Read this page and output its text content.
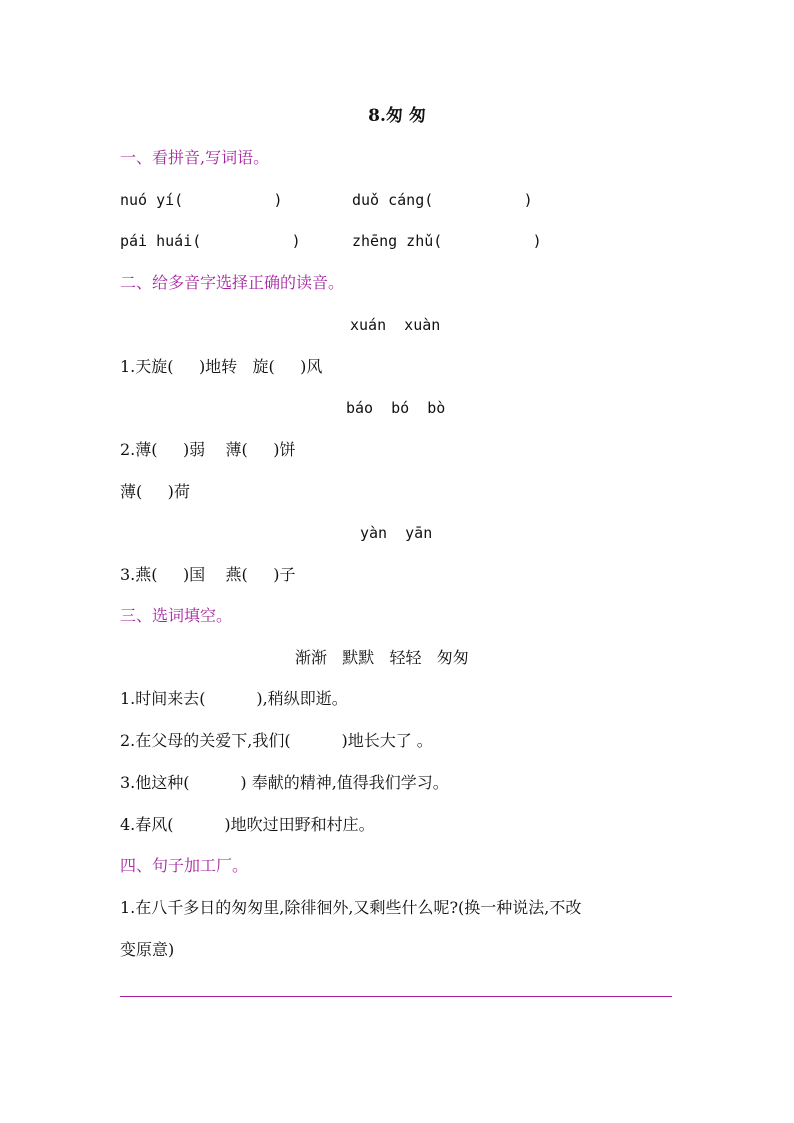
8.匆 匆
一、看拼音,写词语。
nuó yí(          )	duǒ cáng(          )
pái huái(          )	zhēng zhǔ(          )
二、给多音字选择正确的读音。
xuán  xuàn
1.天旋(     )地转   旋(     )风
báo  bó  bò
2.薄(     )弱    薄(     )饼
薄(     )荷
yàn  yān
3.燕(     )国    燕(     )子
三、选词填空。
渐渐   默默   轻轻   匆匆
1.时间来去(          ),稍纵即逝。
2.在父母的关爱下,我们(          )地长大了 。
3.他这种(          ) 奉献的精神,值得我们学习。
4.春风(          )地吹过田野和村庄。
四、句子加工厂。
1.在八千多日的匆匆里,除徘徊外,又剩些什么呢?(换一种说法,不改
变原意)
